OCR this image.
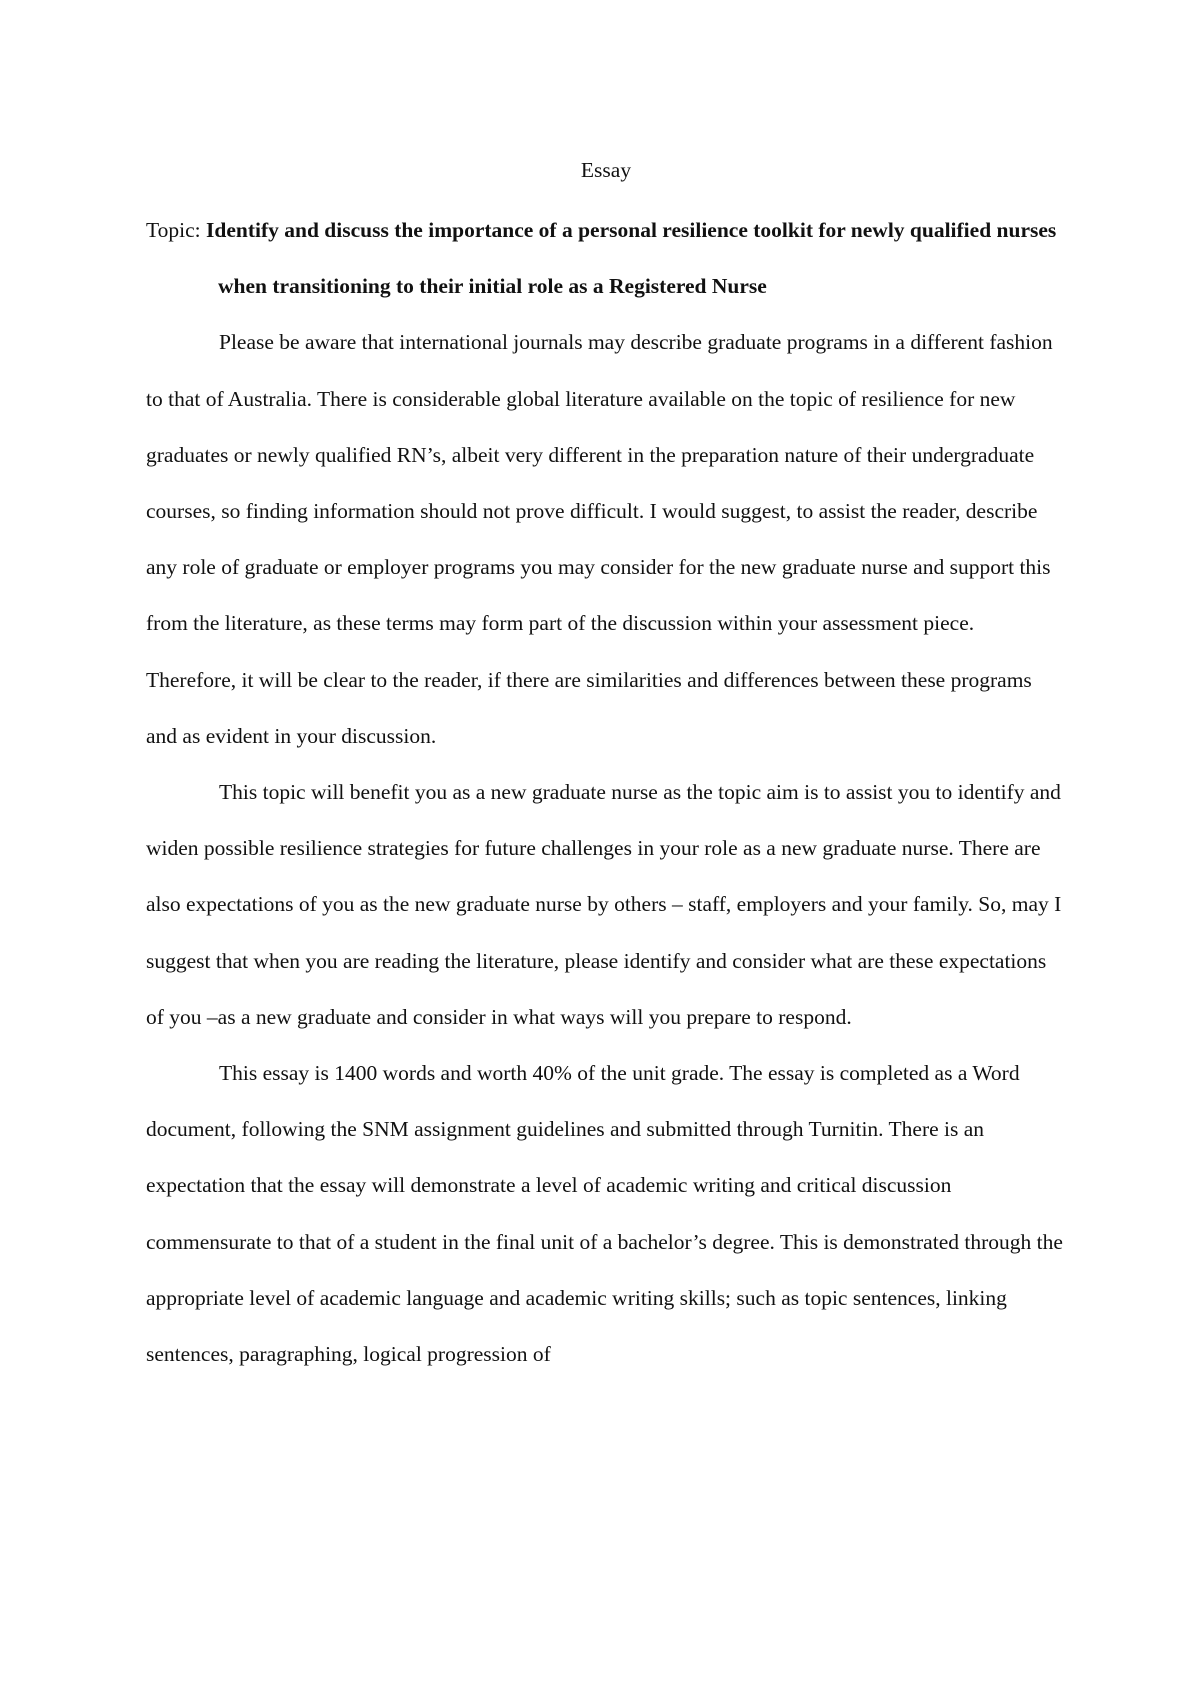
Essay

Topic: Identify and discuss the importance of a personal resilience toolkit for newly qualified nurses when transitioning to their initial role as a Registered Nurse

Please be aware that international journals may describe graduate programs in a different fashion to that of Australia. There is considerable global literature available on the topic of resilience for new graduates or newly qualified RN’s, albeit very different in the preparation nature of their undergraduate courses, so finding information should not prove difficult. I would suggest, to assist the reader, describe any role of graduate or employer programs you may consider for the new graduate nurse and support this from the literature, as these terms may form part of the discussion within your assessment piece. Therefore, it will be clear to the reader, if there are similarities and differences between these programs and as evident in your discussion.

This topic will benefit you as a new graduate nurse as the topic aim is to assist you to identify and widen possible resilience strategies for future challenges in your role as a new graduate nurse. There are also expectations of you as the new graduate nurse by others – staff, employers and your family. So, may I suggest that when you are reading the literature, please identify and consider what are these expectations of you –as a new graduate and consider in what ways will you prepare to respond.

This essay is 1400 words and worth 40% of the unit grade. The essay is completed as a Word document, following the SNM assignment guidelines and submitted through Turnitin. There is an expectation that the essay will demonstrate a level of academic writing and critical discussion commensurate to that of a student in the final unit of a bachelor’s degree. This is demonstrated through the appropriate level of academic language and academic writing skills; such as topic sentences, linking sentences, paragraphing, logical progression of
